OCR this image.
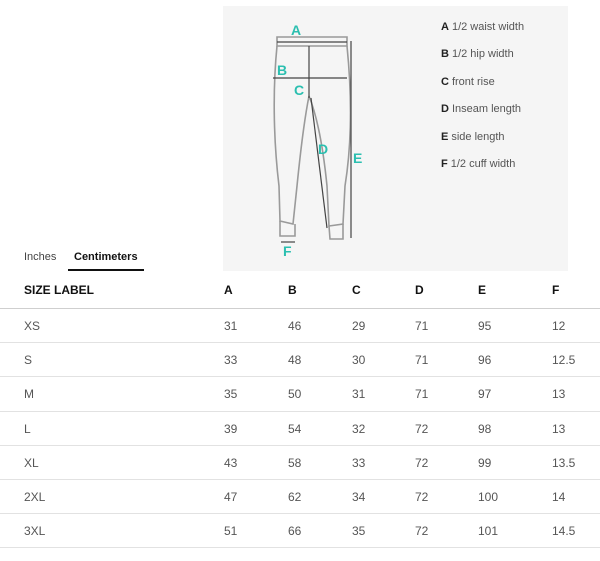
A
B
C
D
E
F
A 1/2 waist width
B 1/2 hip width
C front rise
D Inseam length
E side length
F 1/2 cuff width
Inches	Centimeters
SIZE LABEL	A	B	C	D	E	F
XS	31	46	29	71	95	12
S	33	48	30	71	96	12.5
M	35	50	31	71	97	13
L	39	54	32	72	98	13
XL	43	58	33	72	99	13.5
2XL	47	62	34	72	100	14
3XL	51	66	35	72	101	14.5
